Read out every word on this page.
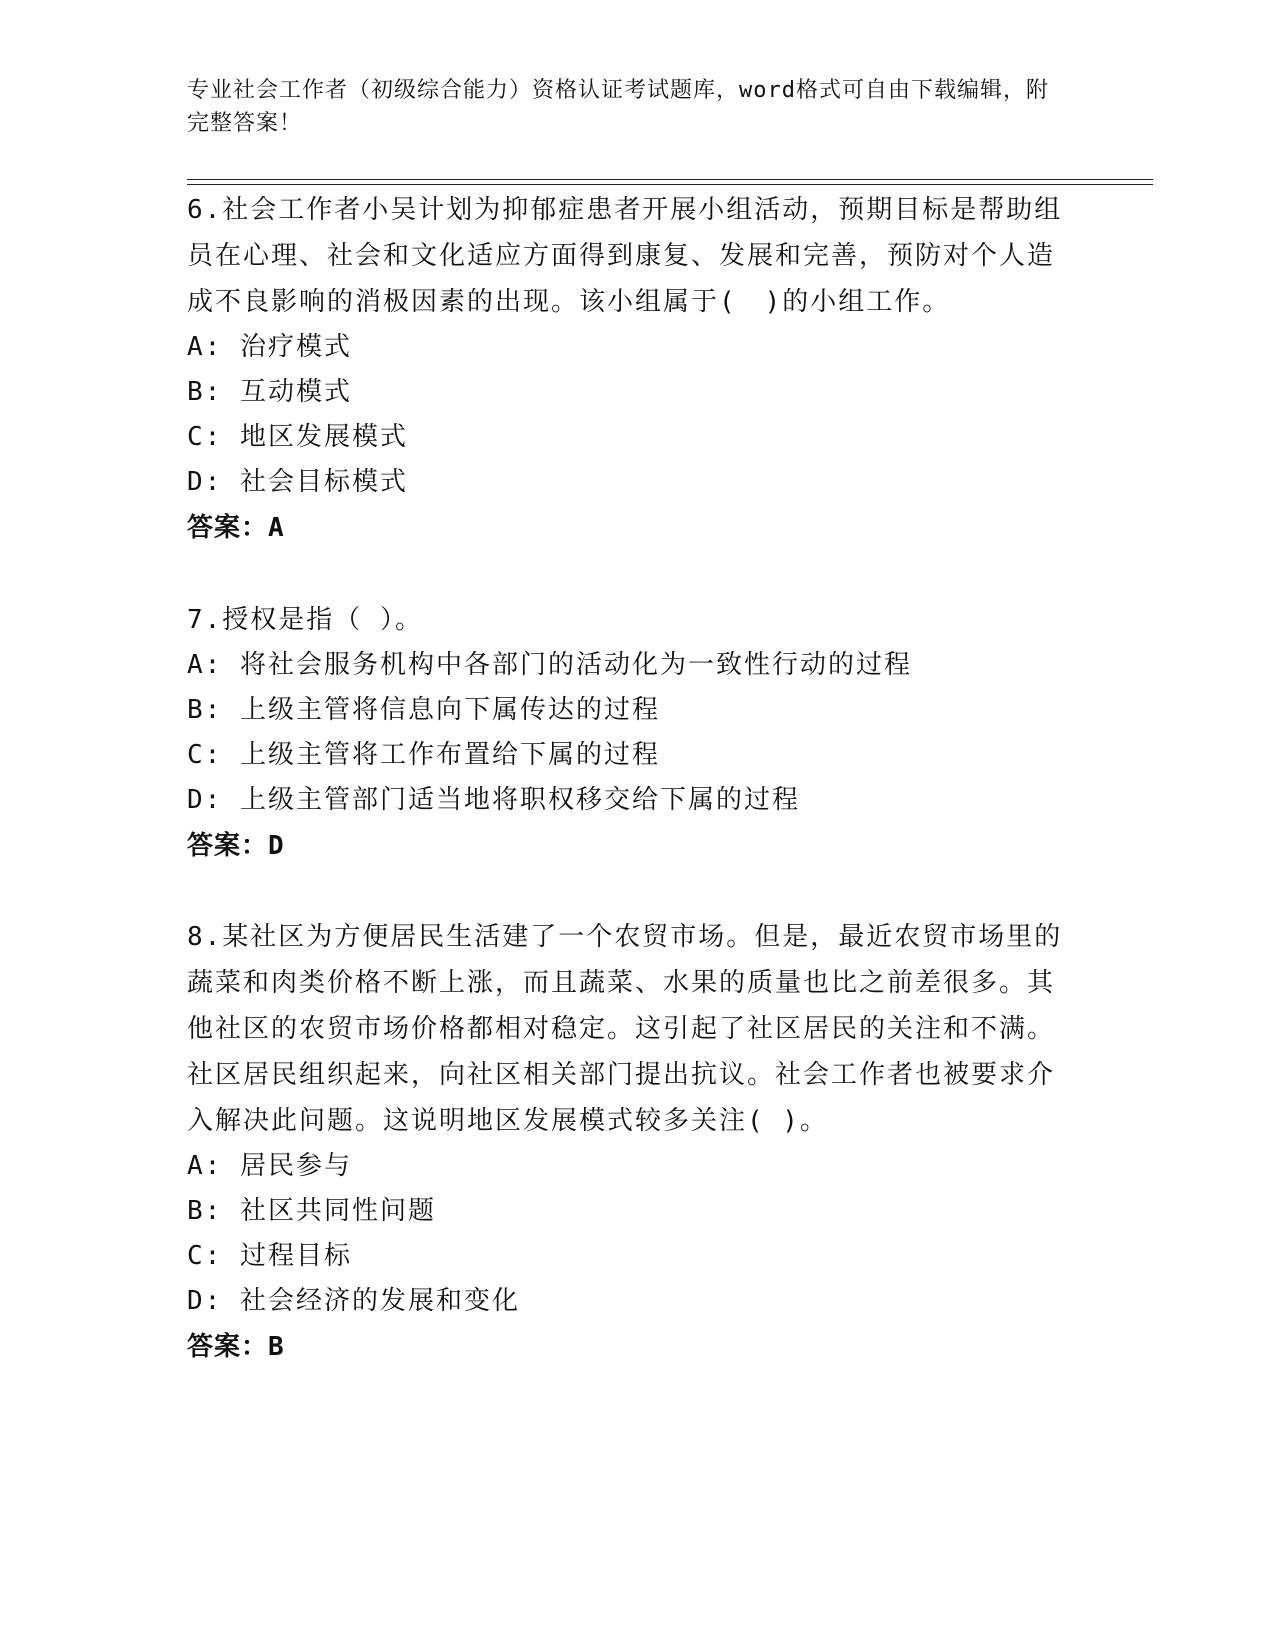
专业社会工作者（初级综合能力）资格认证考试题库，word格式可自由下载编辑，附完整答案！

6.社会工作者小吴计划为抑郁症患者开展小组活动，预期目标是帮助组员在心理、社会和文化适应方面得到康复、发展和完善，预防对个人造成不良影响的消极因素的出现。该小组属于(　)的小组工作。

A: 治疗模式
B: 互动模式
C: 地区发展模式
D: 社会目标模式
答案：A

7.授权是指（ ）。

A: 将社会服务机构中各部门的活动化为一致性行动的过程
B: 上级主管将信息向下属传达的过程
C: 上级主管将工作布置给下属的过程
D: 上级主管部门适当地将职权移交给下属的过程
答案：D

8.某社区为方便居民生活建了一个农贸市场。但是，最近农贸市场里的蔬菜和肉类价格不断上涨，而且蔬菜、水果的质量也比之前差很多。其他社区的农贸市场价格都相对稳定。这引起了社区居民的关注和不满。社区居民组织起来，向社区相关部门提出抗议。社会工作者也被要求介入解决此问题。这说明地区发展模式较多关注( )。

A: 居民参与
B: 社区共同性问题
C: 过程目标
D: 社会经济的发展和变化
答案：B
